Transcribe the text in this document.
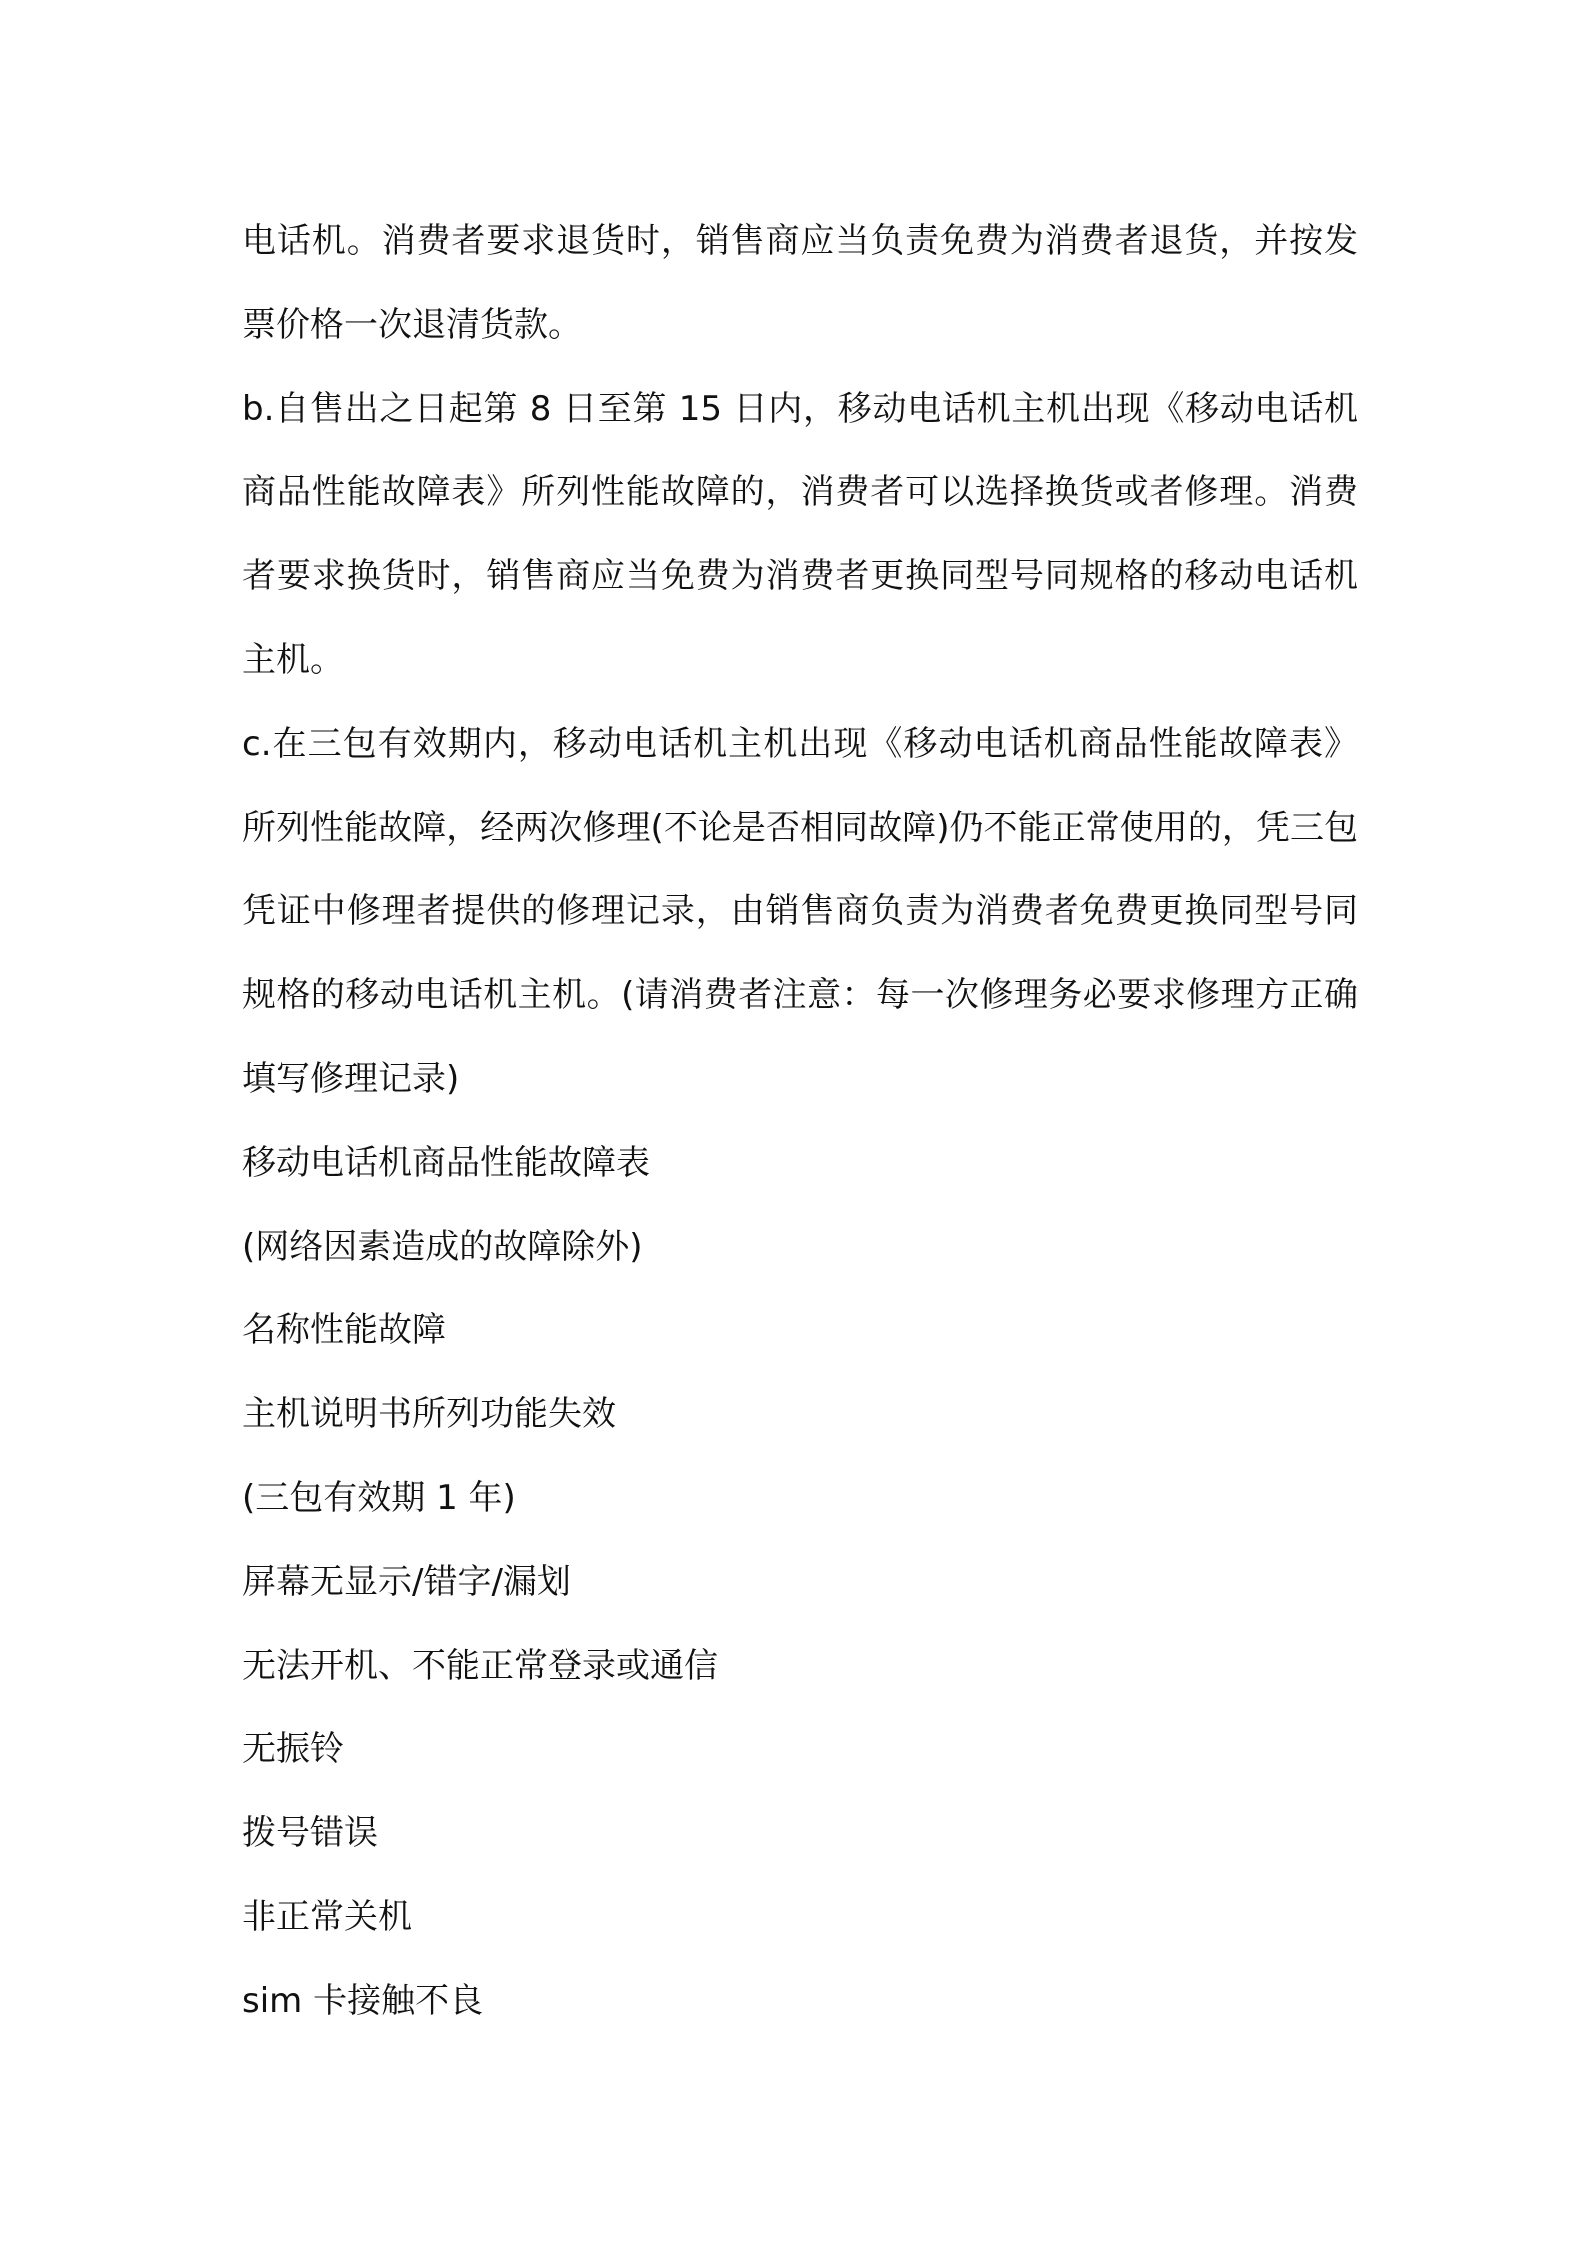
电话机。消费者要求退货时，销售商应当负责免费为消费者退货，并按发票价格一次退清货款。

b.自售出之日起第 8 日至第 15 日内，移动电话机主机出现《移动电话机商品性能故障表》所列性能故障的，消费者可以选择换货或者修理。消费者要求换货时，销售商应当免费为消费者更换同型号同规格的移动电话机主机。

c.在三包有效期内，移动电话机主机出现《移动电话机商品性能故障表》所列性能故障，经两次修理(不论是否相同故障)仍不能正常使用的，凭三包凭证中修理者提供的修理记录，由销售商负责为消费者免费更换同型号同规格的移动电话机主机。(请消费者注意：每一次修理务必要求修理方正确填写修理记录)

移动电话机商品性能故障表

(网络因素造成的故障除外)

名称性能故障

主机说明书所列功能失效

(三包有效期 1 年)

屏幕无显示/错字/漏划

无法开机、不能正常登录或通信

无振铃

拨号错误

非正常关机

sim 卡接触不良
